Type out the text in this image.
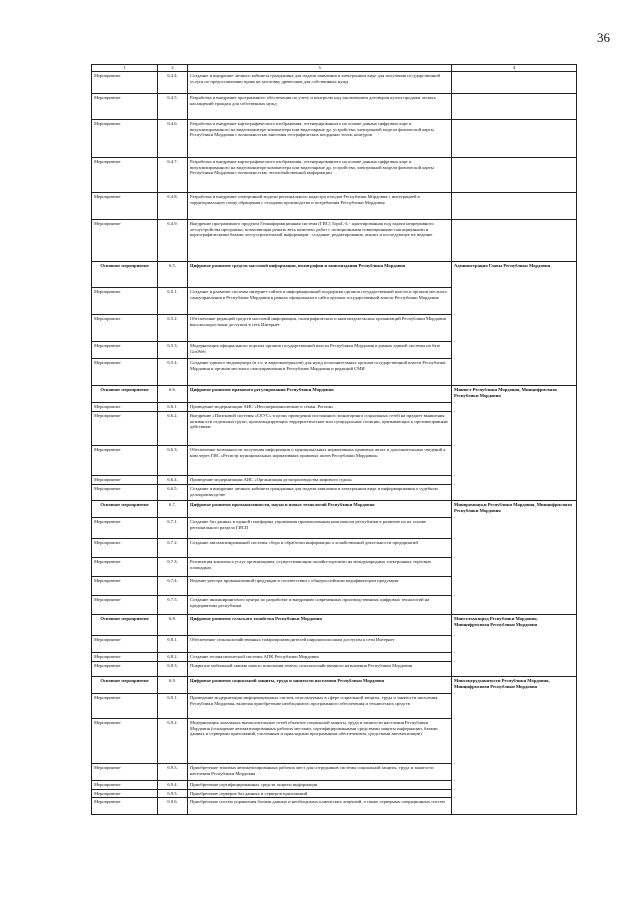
36
1	2	3	4
Мероприятие	6.4.4.	Создание и внедрение личного кабинета гражданина для подачи заявления в электронном виде для получения государственной услуги по предоставлению права на заготовку древесины для собственных нужд	
Мероприятие	6.4.5.	Разработка и внедрение программного обеспечения по учету и контролю над заключением договоров купли-продажи лесных насаждений граждан для собственных нужд	
Мероприятие	6.4.6.	Разработка и внедрение картографического изображения, отгенерированного на основе данных цифровых карт и визуализированного на видеомониторе компьютера или видеоэкране др. устройства, электронной модели физической карты Республики Мордовия с возможностью внесения географических координат точек, контуров	
Мероприятие	6.4.7.	Разработка и внедрение картографического изображения, отгенерированного на основе данных цифровых карт и визуализированного на видеомониторе компьютера или видеоэкране др. устройства, электронной модели физической карты Республики Мордовия с возможностью лесохозяйственной информации	
Мероприятие	6.4.8.	Разработка и внедрение электронной модели регионального кадастра отходов Республики Мордовия с интеграцией в территориальную схему обращения с отходами производства и потребления Республики Мордовия	
Мероприятие	6.4.9.	Внедрение программного продукта Геоинформационная система (ГИС) TopoL-L - адаптированная под задачи непрерывного лесоустройства программа, позволяющая решать весь комплекс работ с позиционными совмещенными таксационными и картографическими базами лесоустроительной информации - создание, редактирование, анализ и последующее их ведение	
Основное мероприятие	6.5.	Цифровое развитие средств массовой информации, полиграфии и книгоиздания Республики Мордовия	Администрация Главы Республики Мордовия
Мероприятие	6.5.1.	Создание и развитие системы интернет-сайтов и информационной поддержки органов государственной власти и органов местного самоуправления в Республике Мордовия в рамках официального сайта органов государственной власти Республики Мордовия	
Мероприятие	6.5.2.	Обеспечение редакций средств массовой информации, полиграфических и книгоиздательских организаций Республики Мордовия высокоскоростным доступом в сеть Интернет	
Мероприятие	6.5.3.	Модернизация официального портала органов государственной власти Республики Мордовия в рамках единой системы на базе GosWeb	
Мероприятие	6.5.4.	Создание единого медиацентра (в т.ч. и видеоматериалов) для нужд исполнительных органов государственной власти Республики Мордовия и органов местного самоуправления в Республике Мордовия и редакций СМИ	
Основное мероприятие	6.6.	Цифровое развитие правового регулирования Республики Мордовия	Минюст Республики Мордовия, Минцифрмсвязи Республики Мордовия
Мероприятие	6.6.1.	Проведение модернизации АИС «Несовершеннолетние и семьи. Регион»	
Мероприятие	6.6.2.	Внедрение «Поисковой системы «СЕУС» в целях проведения постоянного мониторинга социальных сетей на предмет выявления активности отдельных групп, пропагандирующих террористические или суицидальные позиции, призывающих к противоправным действиям	
Мероприятие	6.6.3.	Обеспечение возможности получения информации о муниципальных нормативных правовых актах и дополнительных сведений к ним через ГИС «Регистр муниципальных нормативных правовых актов Республики Мордовия»	
Мероприятие	6.6.4.	Проведение модернизации АИС «Организация делопроизводства мирового судьи»	
Мероприятие	6.6.5.	Создание и внедрение личного кабинета гражданина для подачи заявления в электронном виде и информирования о судебном делопроизводстве	
Основное мероприятие	6.7.	Цифровое развитие промышленности, науки и новых технологий Республики Мордовия	Минпромнауки Республики Мордовия, Минцифрмсвязи Республики Мордовия
Мероприятие	6.7.1.	Создание баз данных в единой платформы управления промышленным комплексом республики в развитие на их основе регионального раздела ГИСП	
Мероприятие	6.7.2.	Создание автоматизированной системы сбора и обработки информации о хозяйственной деятельности предприятий	
Мероприятие	6.7.3.	Реализация комплекса услуг организациям, осуществляющим онлайн-торговлю на международных электронных торговых площадках	
Мероприятие	6.7.4.	Ведение реестра промышленной продукции в соответствии с общероссийским кодификатором продукции	
Мероприятие	6.7.5.	Создание инжинирингового центра по разработке и внедрению современных производственных цифровых технологий на предприятиях республики	
Основное мероприятие	6.8.	Цифровое развитие сельского хозяйства Республики Мордовия	Минсельхозпрод Республики Мордовия, Минцифрмсвязи Республики Мордовия
Мероприятие	6.8.1.	Обеспечение сельскохозяйственных товаропроизводителей широкополосным доступом к сети Интернет	
Мероприятие	6.8.2.	Создание геоаналитической системы АПК Республики Мордовия	
Мероприятие	6.8.3.	Покрытие мобильной связью нового поколения земель сельскохозяйственного назначения Республики Мордовия	
Основное мероприятие	6.9.	Цифровое развитие социальной защиты, труда и занятости населения Республики Мордовия	Минсоцтрудзанятости Республики Мордовия, Минцифрмсвязи Республики Мордовия
Мероприятие	6.9.1.	Проведение модернизации информационных систем, используемых в сфере социальной защиты, труда и занятости населения Республики Мордовия, включая приобретение необходимого программного обеспечения и технических средств	
Мероприятие	6.9.2.	Модернизация локальных вычислительных сетей объектов социальной защиты, труда и занятости населения Республики Мордовия (оснащение автоматизированных рабочих местами, сертифицированными средствами защиты информации, базами данных и серверами приложений, системным и прикладным программным обеспечением, средствами автоматизации)	
Мероприятие	6.9.3.	Приобретение типовых автоматизированных рабочих мест для сотрудников системы социальной защиты, труда и занятости населения Республики Мордовия	
Мероприятие	6.9.4.	Приобретение сертифицированных средств защиты информации	
Мероприятие	6.9.5.	Приобретение серверов баз данных и серверов приложений	
Мероприятие	6.9.6.	Приобретение систем управления базами данных и необходимых клиентских лицензий, а также серверных операционных систем	
